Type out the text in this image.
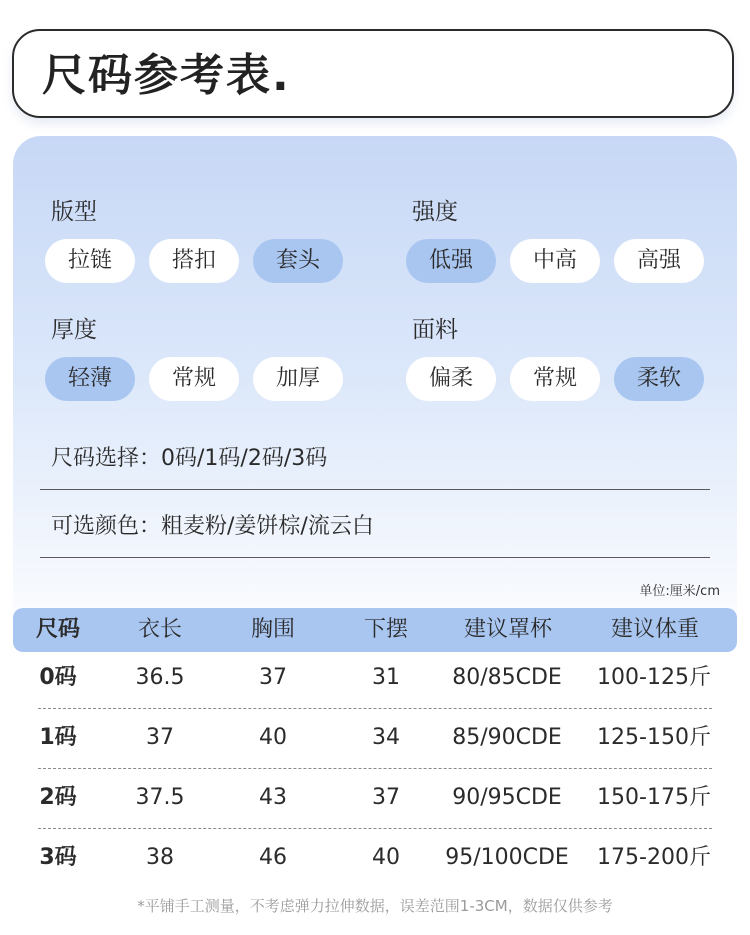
尺码参考表.
版型
拉链	搭扣	套头
强度
低强	中高	高强
厚度
轻薄	常规	加厚
面料
偏柔	常规	柔软
尺码选择：0码/1码/2码/3码
可选颜色：粗麦粉/姜饼棕/流云白
单位:厘米/cm
尺码	衣长	胸围	下摆	建议罩杯	建议体重
0码	36.5	37	31 80/85CDE 100-125斤
1码	37	40	34 85/90CDE 125-150斤
2码	37.5	43	37 90/95CDE 150-175斤
3码	38	46	40 95/100CDE 175-200斤
*平铺手工测量，不考虑弹力拉伸数据，误差范围1-3CM，数据仅供参考
